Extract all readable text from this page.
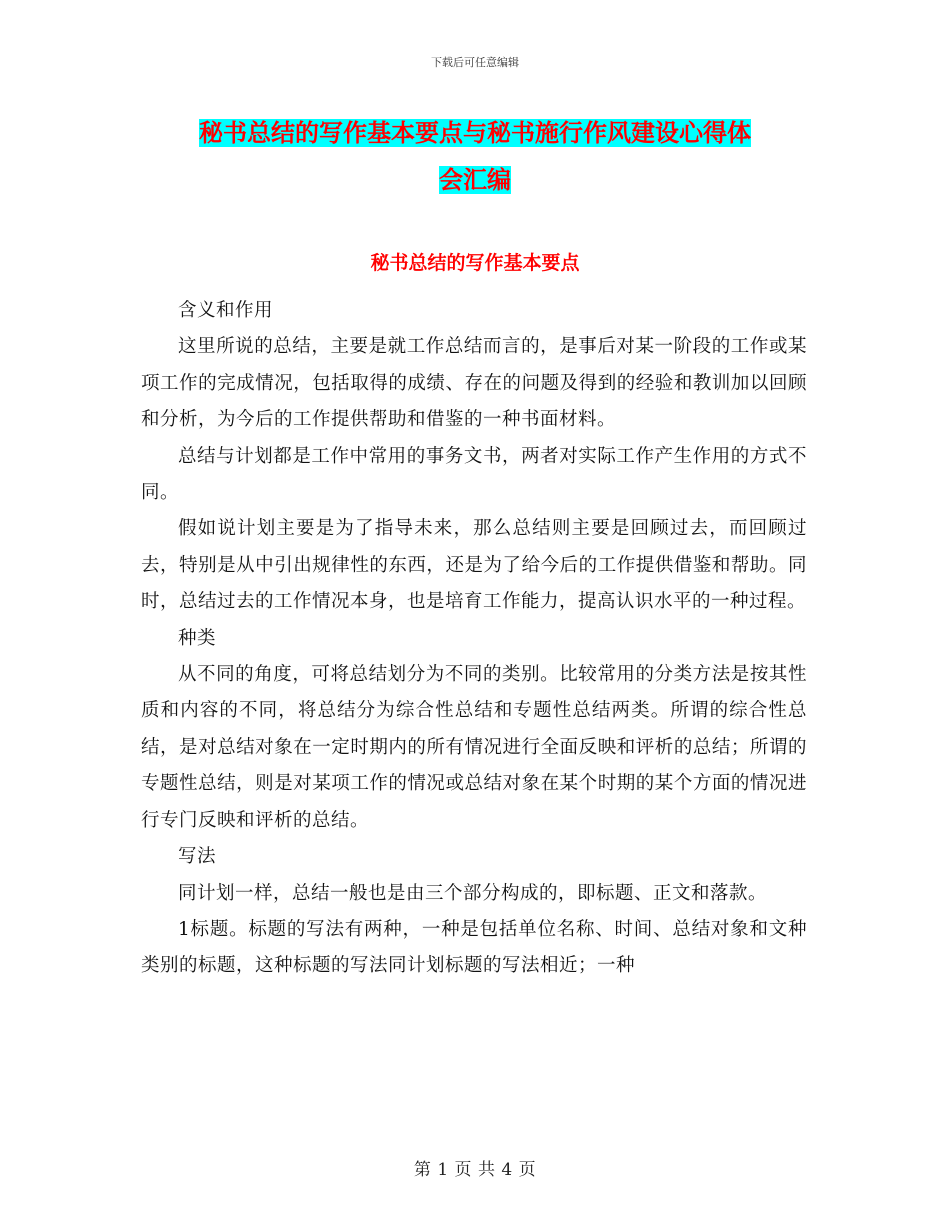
下载后可任意编辑
秘书总结的写作基本要点与秘书施行作风建设心得体
会汇编
秘书总结的写作基本要点

含义和作用

这里所说的总结，主要是就工作总结而言的，是事后对某一阶段的工作或某项工作的完成情况，包括取得的成绩、存在的问题及得到的经验和教训加以回顾和分析，为今后的工作提供帮助和借鉴的一种书面材料。

总结与计划都是工作中常用的事务文书，两者对实际工作产生作用的方式不同。

假如说计划主要是为了指导未来，那么总结则主要是回顾过去，而回顾过去，特别是从中引出规律性的东西，还是为了给今后的工作提供借鉴和帮助。同时，总结过去的工作情况本身，也是培育工作能力，提高认识水平的一种过程。

种类

从不同的角度，可将总结划分为不同的类别。比较常用的分类方法是按其性质和内容的不同，将总结分为综合性总结和专题性总结两类。所谓的综合性总结，是对总结对象在一定时期内的所有情况进行全面反映和评析的总结；所谓的专题性总结，则是对某项工作的情况或总结对象在某个时期的某个方面的情况进行专门反映和评析的总结。

写法

同计划一样，总结一般也是由三个部分构成的，即标题、正文和落款。

1标题。标题的写法有两种，一种是包括单位名称、时间、总结对象和文种类别的标题，这种标题的写法同计划标题的写法相近；一种

第 1 页 共 4 页
